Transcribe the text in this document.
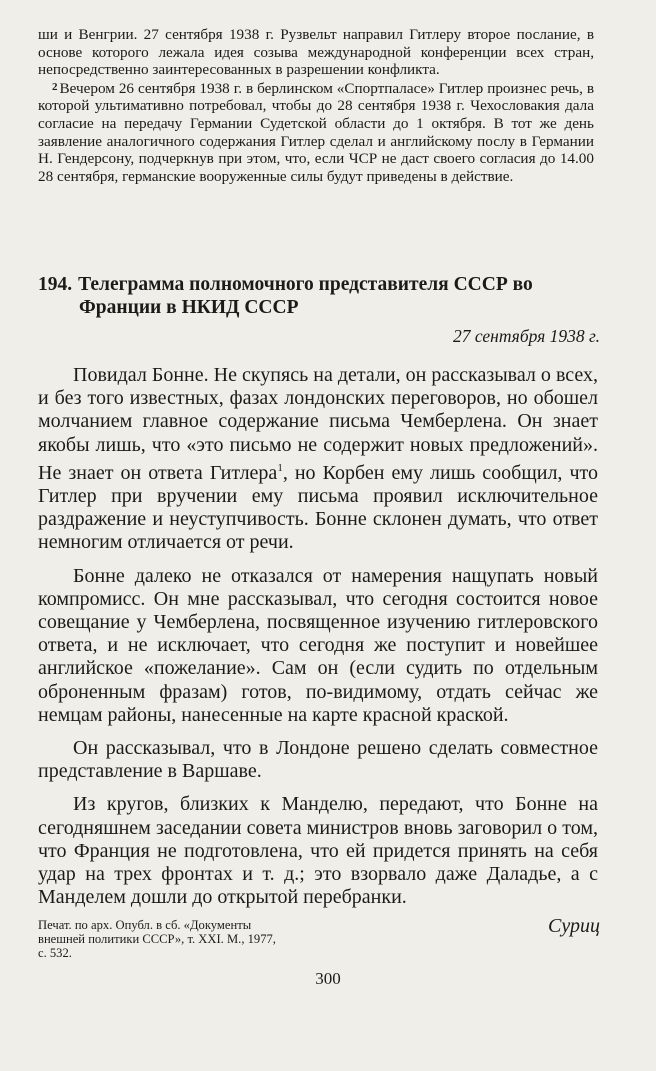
ши и Венгрии. 27 сентября 1938 г. Рузвельт направил Гитлеру второе послание, в основе которого лежала идея созыва международной конференции всех стран, непосредственно заинтересованных в разрешении конфликта.

$^2$ Вечером 26 сентября 1938 г. в берлинском «Спортпаласе» Гитлер произнес речь, в которой ультимативно потребовал, чтобы до 28 сентября 1938 г. Чехословакия дала согласие на передачу Германии Судетской области до 1 октября. В тот же день заявление аналогичного содержания Гитлер сделал и английскому послу в Германии Н. Гендерсону, подчеркнув при этом, что, если ЧСР не даст своего согласия до 14.00 28 сентября, германские вооруженные силы будут приведены в действие.

194. Телеграмма полномочного представителя СССР во
Франции в НКИД СССР

27 сентября 1938 г.

Повидал Бонне. Не скупясь на детали, он рассказывал о всех, и без того известных, фазах лондонских переговоров, но обошел молчанием главное содержание письма Чемберлена. Он знает якобы лишь, что «это письмо не содержит новых предложений». Не знает он ответа Гитлера$^1$, но Корбен ему лишь сообщил, что Гитлер при вручении ему письма проявил исключительное раздражение и неуступчивость. Бонне склонен думать, что ответ немногим отличается от речи.

Бонне далеко не отказался от намерения нащупать новый компромисс. Он мне рассказывал, что сегодня состоится новое совещание у Чемберлена, посвященное изучению гитлеровского ответа, и не исключает, что сегодня же поступит и новейшее английское «пожелание». Сам он (если судить по отдельным оброненным фразам) готов, по-видимому, отдать сейчас же немцам районы, нанесенные на карте красной краской.

Он рассказывал, что в Лондоне решено сделать совместное представление в Варшаве.

Из кругов, близких к Манделю, передают, что Бонне на сегодняшнем заседании совета министров вновь заговорил о том, что Франция не подготовлена, что ей придется принять на себя удар на трех фронтах и т. д.; это взорвало даже Даладье, а с Манделем дошли до открытой перебранки.

Суриц

Печат. по арх. Опубл. в сб. «Документы внешней политики СССР», т. XXI. М., 1977, с. 532.

300
